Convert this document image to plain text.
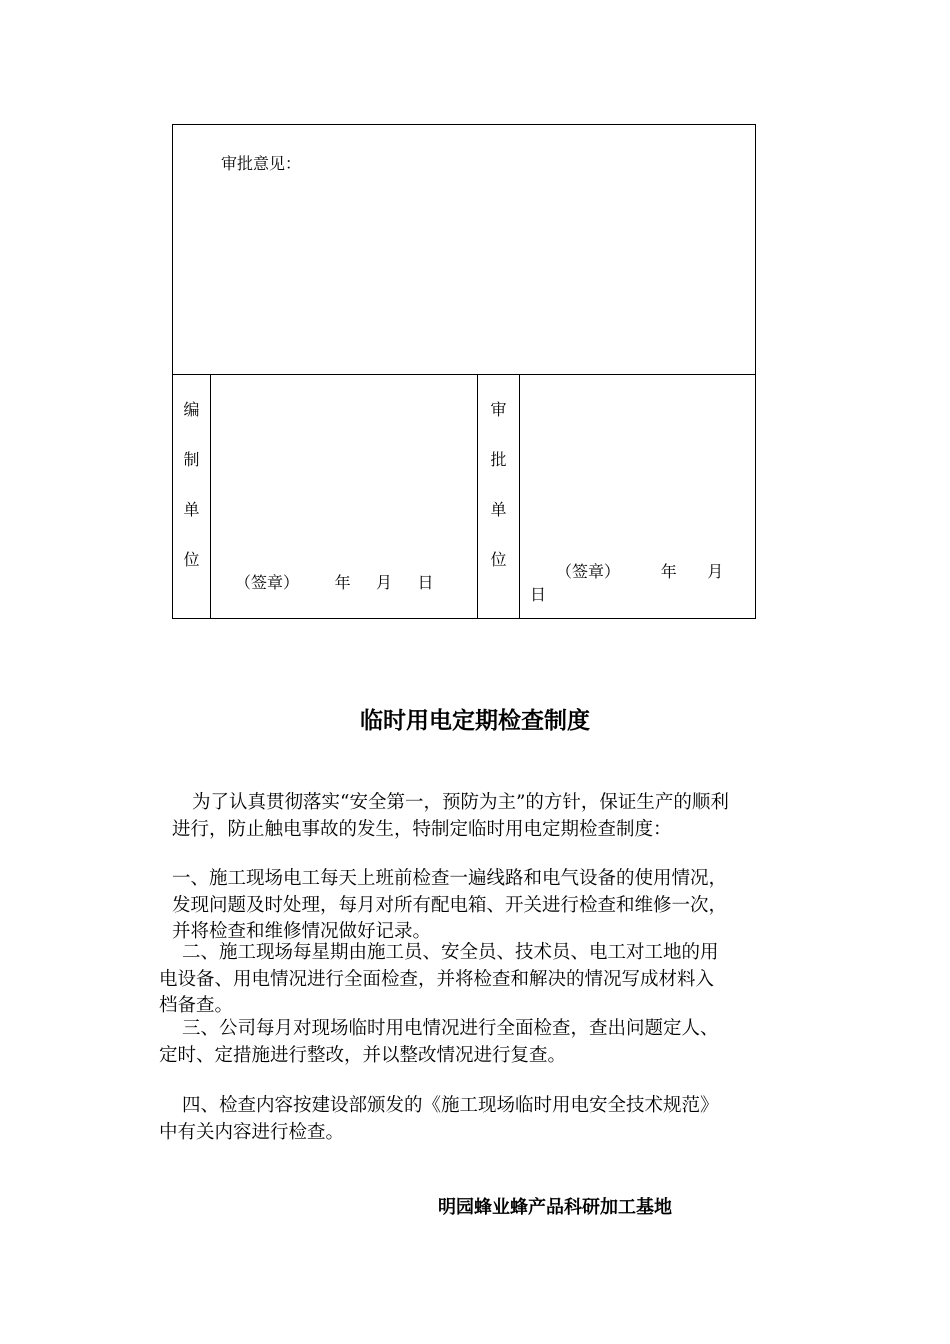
审批意见：
编
制
单
位
（签章）       年     月     日
审
批
单
位
（签章）        年      月
日
临时用电定期检查制度
为了认真贯彻落实“安全第一，预防为主”的方针，保证生产的顺利进行，防止触电事故的发生，特制定临时用电定期检查制度：
一、施工现场电工每天上班前检查一遍线路和电气设备的使用情况，发现问题及时处理，每月对所有配电箱、开关进行检查和维修一次，并将检查和维修情况做好记录。
二、施工现场每星期由施工员、安全员、技术员、电工对工地的用电设备、用电情况进行全面检查，并将检查和解决的情况写成材料入档备查。
三、公司每月对现场临时用电情况进行全面检查，查出问题定人、定时、定措施进行整改，并以整改情况进行复查。
四、检查内容按建设部颁发的《施工现场临时用电安全技术规范》中有关内容进行检查。
明园蜂业蜂产品科研加工基地
